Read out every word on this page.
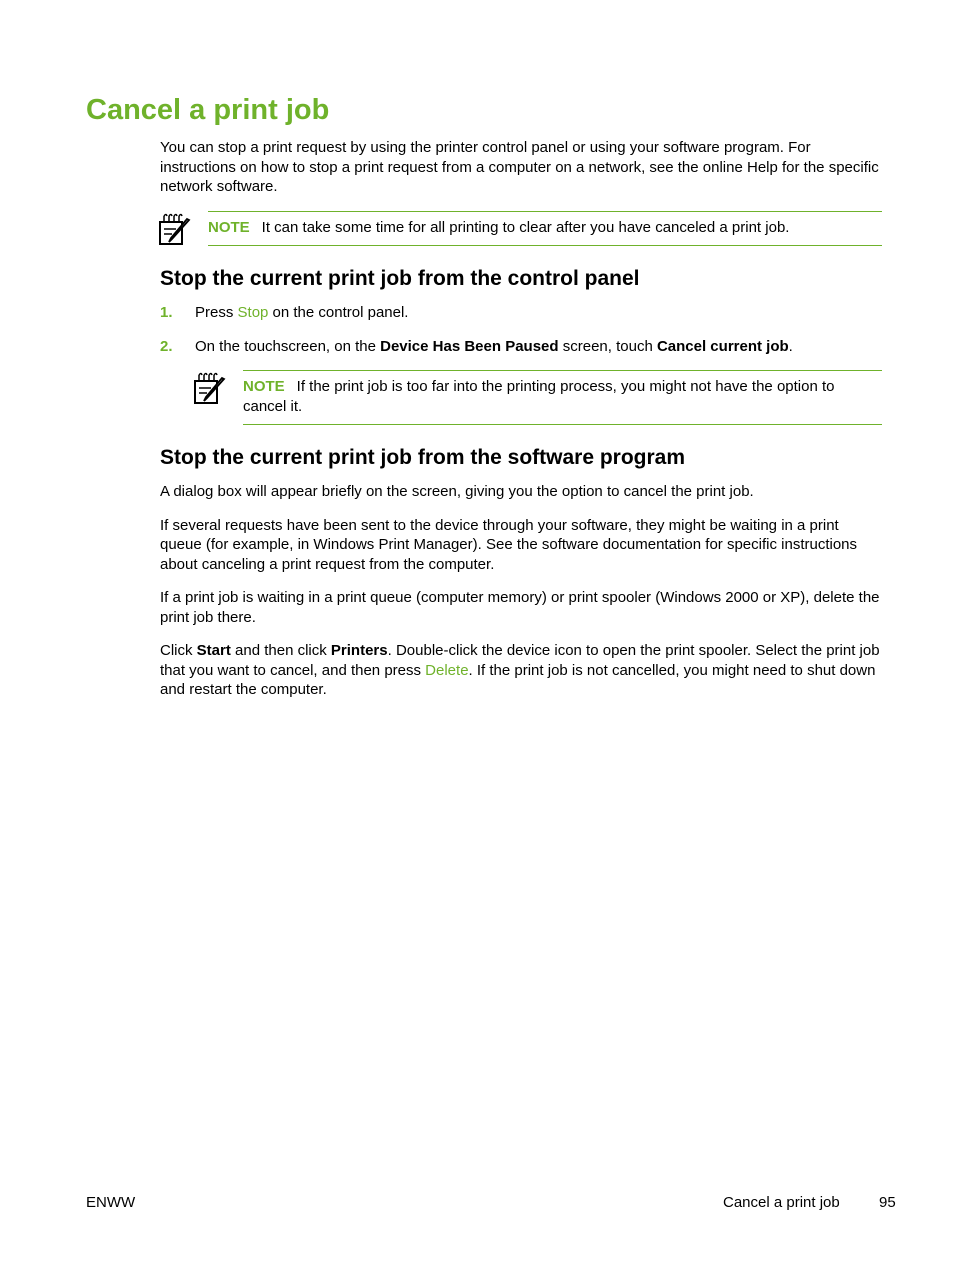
Cancel a print job

You can stop a print request by using the printer control panel or using your software program. For instructions on how to stop a print request from a computer on a network, see the online Help for the specific network software.

NOTE It can take some time for all printing to clear after you have canceled a print job.
Stop the current print job from the control panel
1. Press Stop on the control panel.
2. On the touchscreen, on the Device Has Been Paused screen, touch Cancel current job.
NOTE If the print job is too far into the printing process, you might not have the option to cancel it.
Stop the current print job from the software program

A dialog box will appear briefly on the screen, giving you the option to cancel the print job.

If several requests have been sent to the device through your software, they might be waiting in a print queue (for example, in Windows Print Manager). See the software documentation for specific instructions about canceling a print request from the computer.

If a print job is waiting in a print queue (computer memory) or print spooler (Windows 2000 or XP), delete the print job there.

Click Start and then click Printers. Double-click the device icon to open the print spooler. Select the print job that you want to cancel, and then press Delete. If the print job is not cancelled, you might need to shut down and restart the computer.

ENWW	Cancel a print job	95
